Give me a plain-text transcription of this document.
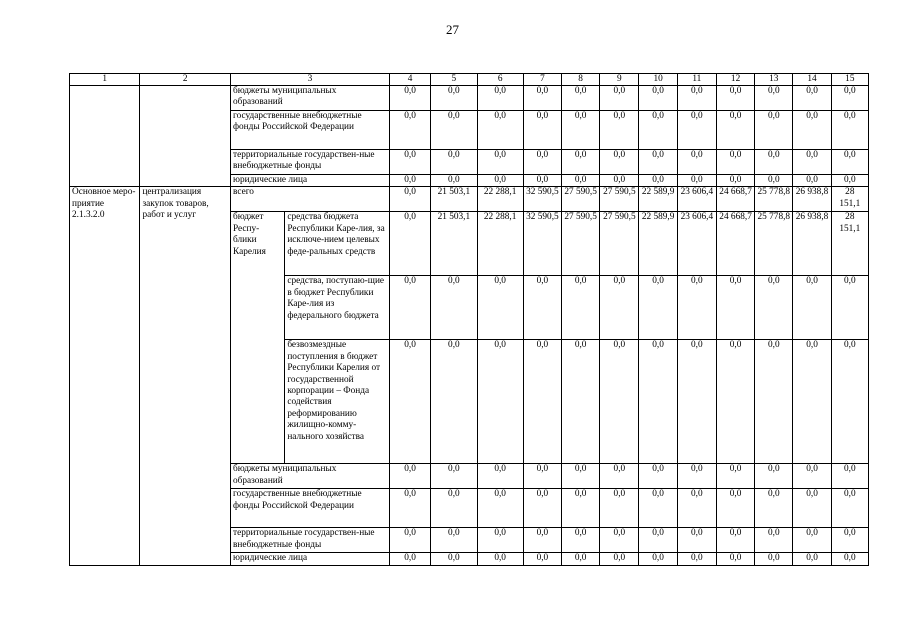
27
1	2	3		4	5	6	7	8	9	10	11	12	13	14	15
		бюджеты муниципальных образований		0,0	0,0	0,0	0,0	0,0	0,0	0,0	0,0	0,0	0,0	0,0	0,0
		государственные внебюджетные фонды Российской Федерации		0,0	0,0	0,0	0,0	0,0	0,0	0,0	0,0	0,0	0,0	0,0	0,0
		территориальные государствен-ные внебюджетные фонды		0,0	0,0	0,0	0,0	0,0	0,0	0,0	0,0	0,0	0,0	0,0	0,0
		юридические лица		0,0	0,0	0,0	0,0	0,0	0,0	0,0	0,0	0,0	0,0	0,0	0,0
Основное меро-приятие 2.1.3.2.0	централизация закупок товаров, работ и услуг	всего		0,0	21 503,1	22 288,1	32 590,5	27 590,5	27 590,5	22 589,9	23 606,4	24 668,7	25 778,8	26 938,8	28 151,1
		бюджет Респу-блики Карелия	средства бюджета Республики Каре-лия, за исключе-нием целевых феде-ральных средств	0,0	21 503,1	22 288,1	32 590,5	27 590,5	27 590,5	22 589,9	23 606,4	24 668,7	25 778,8	26 938,8	28 151,1
			средства, поступаю-щие в бюджет Республики Каре-лия из федерального бюджета	0,0	0,0	0,0	0,0	0,0	0,0	0,0	0,0	0,0	0,0	0,0	0,0
			безвозмездные поступления в бюджет Республики Карелия от государственной корпорации – Фонда содействия реформированию жилищно-комму-нального хозяйства	0,0	0,0	0,0	0,0	0,0	0,0	0,0	0,0	0,0	0,0	0,0	0,0
		бюджеты муниципальных образований		0,0	0,0	0,0	0,0	0,0	0,0	0,0	0,0	0,0	0,0	0,0	0,0
		государственные внебюджетные фонды Российской Федерации		0,0	0,0	0,0	0,0	0,0	0,0	0,0	0,0	0,0	0,0	0,0	0,0
		территориальные государствен-ные внебюджетные фонды		0,0	0,0	0,0	0,0	0,0	0,0	0,0	0,0	0,0	0,0	0,0	0,0
		юридические лица		0,0	0,0	0,0	0,0	0,0	0,0	0,0	0,0	0,0	0,0	0,0	0,0
